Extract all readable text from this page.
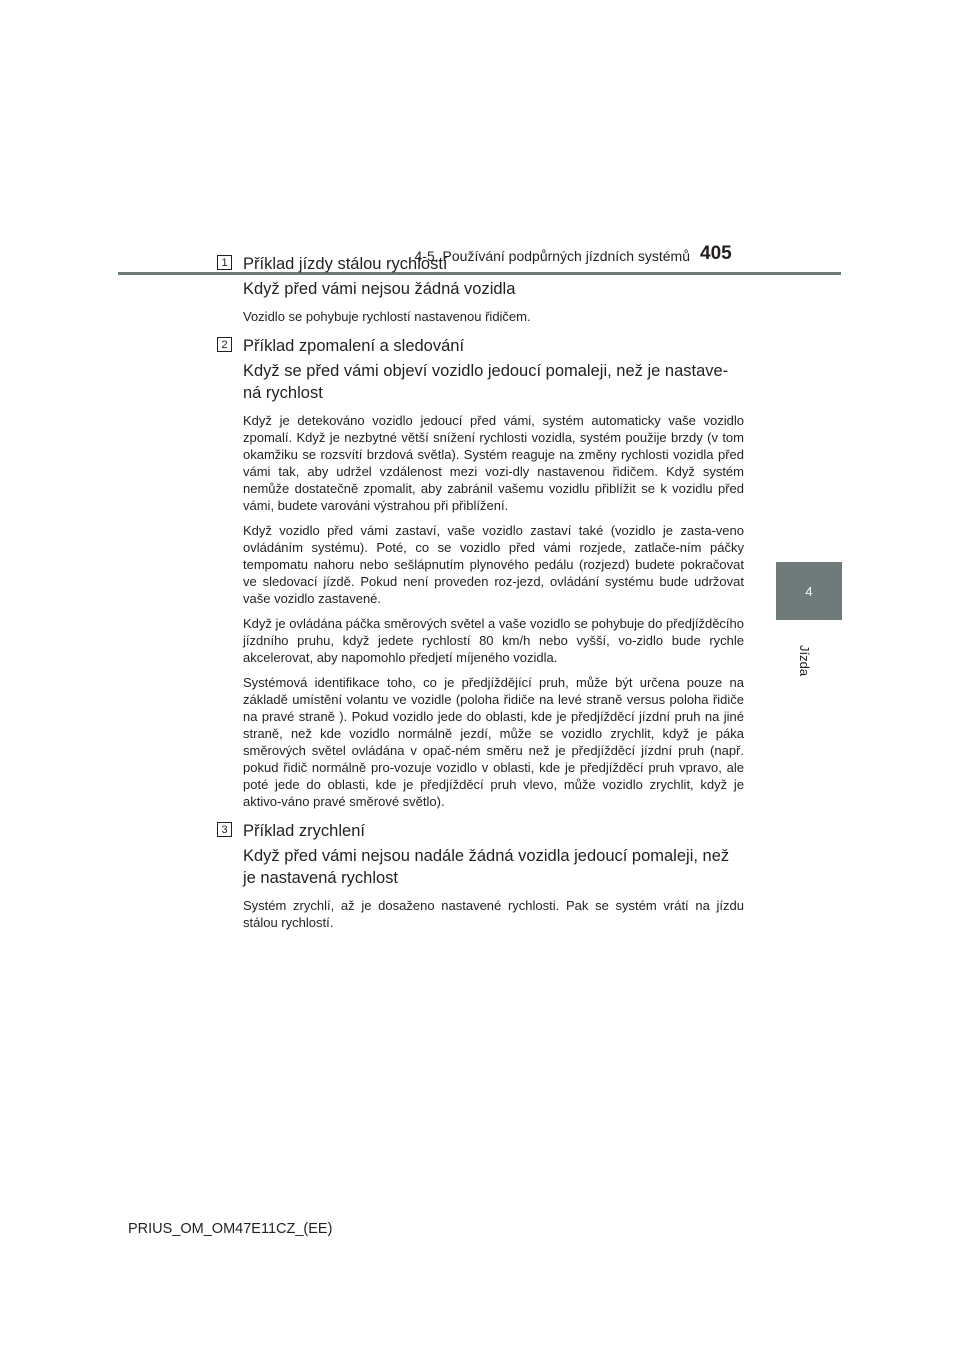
4-5. Používání podpůrných jízdních systémů 405
4
Jízda
1 Příklad jízdy stálou rychlostí

Když před vámi nejsou žádná vozidla

Vozidlo se pohybuje rychlostí nastavenou řidičem.

2 Příklad zpomalení a sledování

Když se před vámi objeví vozidlo jedoucí pomaleji, než je nastave-ná rychlost

Když je detekováno vozidlo jedoucí před vámi, systém automaticky vaše vozidlo zpomalí. Když je nezbytné větší snížení rychlosti vozidla, systém použije brzdy (v tom okamžiku se rozsvítí brzdová světla). Systém reaguje na změny rychlosti vozidla před vámi tak, aby udržel vzdálenost mezi vozi-dly nastavenou řidičem. Když systém nemůže dostatečně zpomalit, aby zabránil vašemu vozidlu přiblížit se k vozidlu před vámi, budete varováni výstrahou při přiblížení.

Když vozidlo před vámi zastaví, vaše vozidlo zastaví také (vozidlo je zasta-veno ovládáním systému). Poté, co se vozidlo před vámi rozjede, zatlače-ním páčky tempomatu nahoru nebo sešlápnutím plynového pedálu (rozjezd) budete pokračovat ve sledovací jízdě. Pokud není proveden roz-jezd, ovládání systému bude udržovat vaše vozidlo zastavené.

Když je ovládána páčka směrových světel a vaše vozidlo se pohybuje do předjížděcího jízdního pruhu, když jedete rychlostí 80 km/h nebo vyšší, vo-zidlo bude rychle akcelerovat, aby napomohlo předjetí míjeného vozidla.

Systémová identifikace toho, co je předjíždějící pruh, může být určena pouze na základě umístění volantu ve vozidle (poloha řidiče na levé straně versus poloha řidiče na pravé straně ). Pokud vozidlo jede do oblasti, kde je předjížděcí jízdní pruh na jiné straně, než kde vozidlo normálně jezdí, může se vozidlo zrychlit, když je páka směrových světel ovládána v opač-ném směru než je předjížděcí jízdní pruh (např. pokud řidič normálně pro-vozuje vozidlo v oblasti, kde je předjížděcí pruh vpravo, ale poté jede do oblasti, kde je předjížděcí pruh vlevo, může vozidlo zrychlit, když je aktivo-váno pravé směrové světlo).

3 Příklad zrychlení

Když před vámi nejsou nadále žádná vozidla jedoucí pomaleji, než je nastavená rychlost

Systém zrychlí, až je dosaženo nastavené rychlosti. Pak se systém vrátí na jízdu stálou rychlostí.

PRIUS_OM_OM47E11CZ_(EE)
